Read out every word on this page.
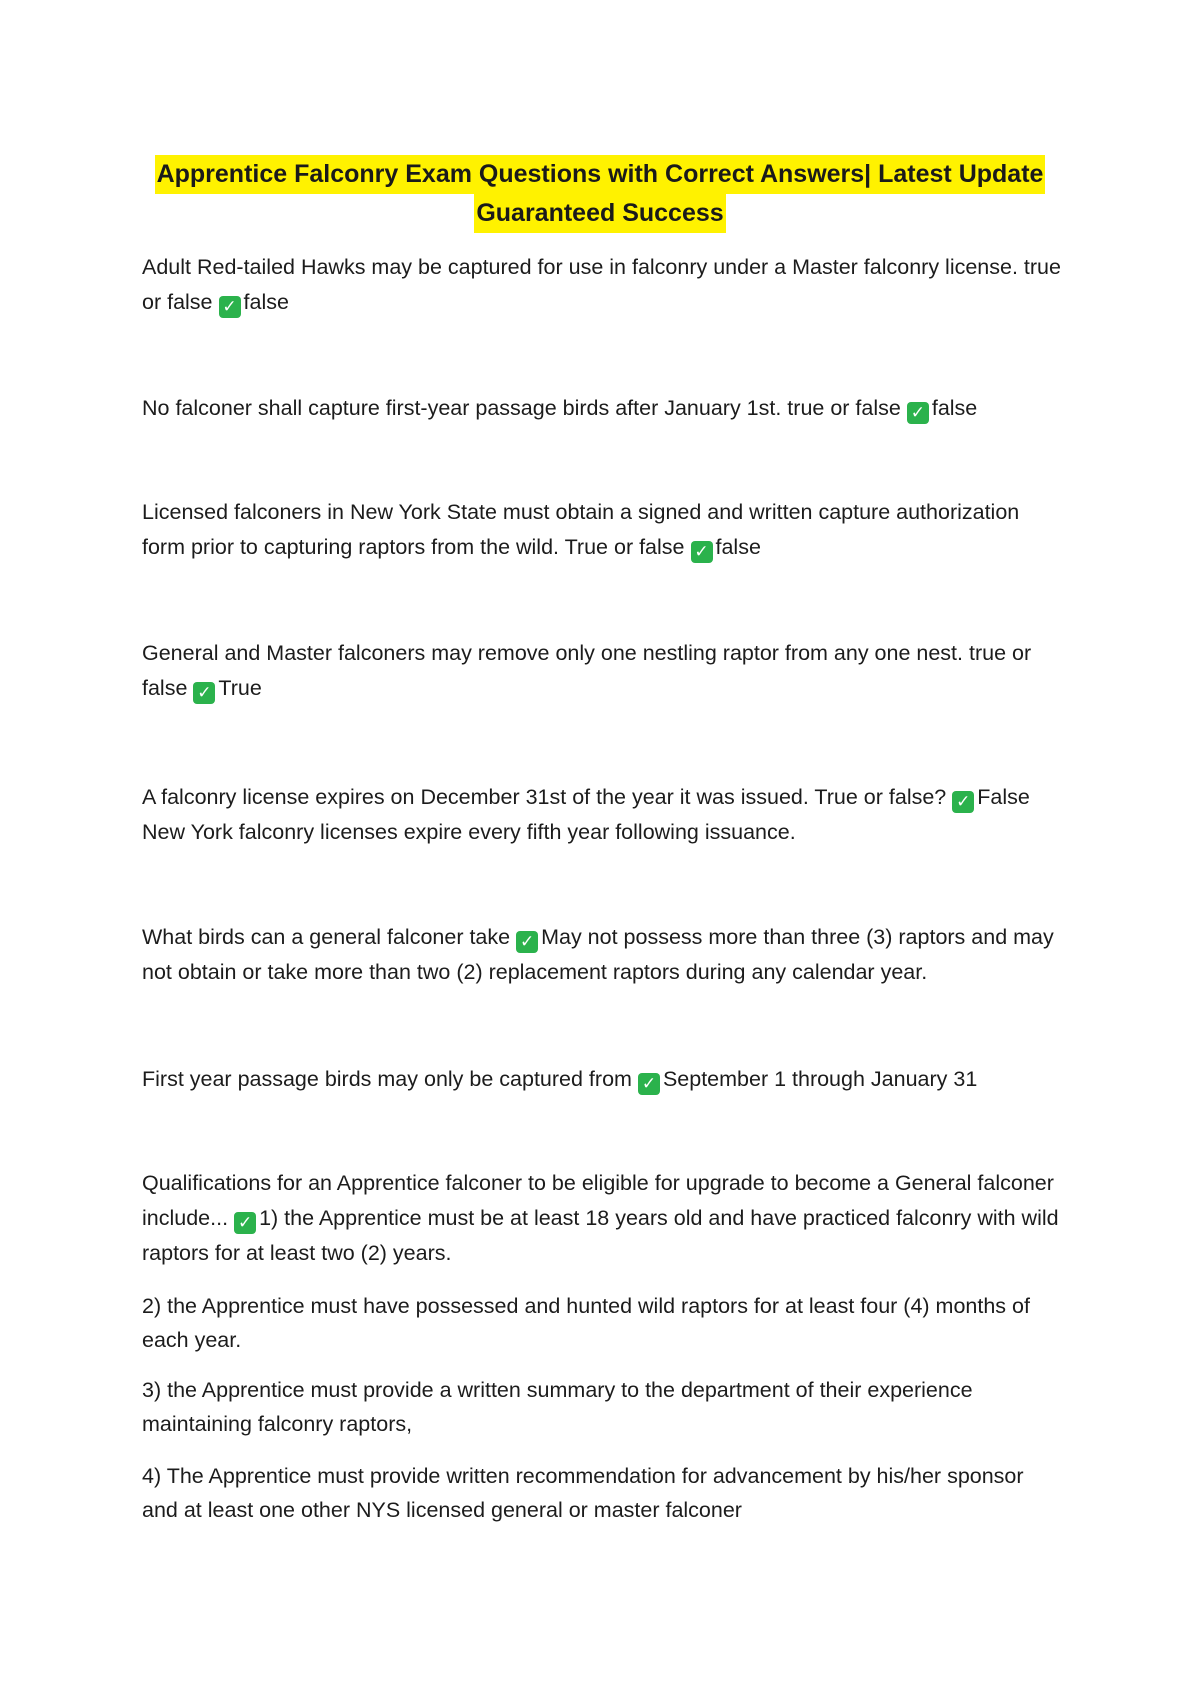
Apprentice Falconry Exam Questions with Correct Answers| Latest Update
Guaranteed Success
Adult Red-tailed Hawks may be captured for use in falconry under a Master falconry license. true or false ✓ false
No falconer shall capture first-year passage birds after January 1st. true or false ✓ false
Licensed falconers in New York State must obtain a signed and written capture authorization form prior to capturing raptors from the wild. True or false ✓ false
General and Master falconers may remove only one nestling raptor from any one nest. true or false ✓ True
A falconry license expires on December 31st of the year it was issued. True or false? ✓ False New York falconry licenses expire every fifth year following issuance.
What birds can a general falconer take ✓ May not possess more than three (3) raptors and may not obtain or take more than two (2) replacement raptors during any calendar year.
First year passage birds may only be captured from ✓ September 1 through January 31
Qualifications for an Apprentice falconer to be eligible for upgrade to become a General falconer include... ✓ 1) the Apprentice must be at least 18 years old and have practiced falconry with wild raptors for at least two (2) years.
2) the Apprentice must have possessed and hunted wild raptors for at least four (4) months of each year.
3) the Apprentice must provide a written summary to the department of their experience maintaining falconry raptors,
4) The Apprentice must provide written recommendation for advancement by his/her sponsor and at least one other NYS licensed general or master falconer
